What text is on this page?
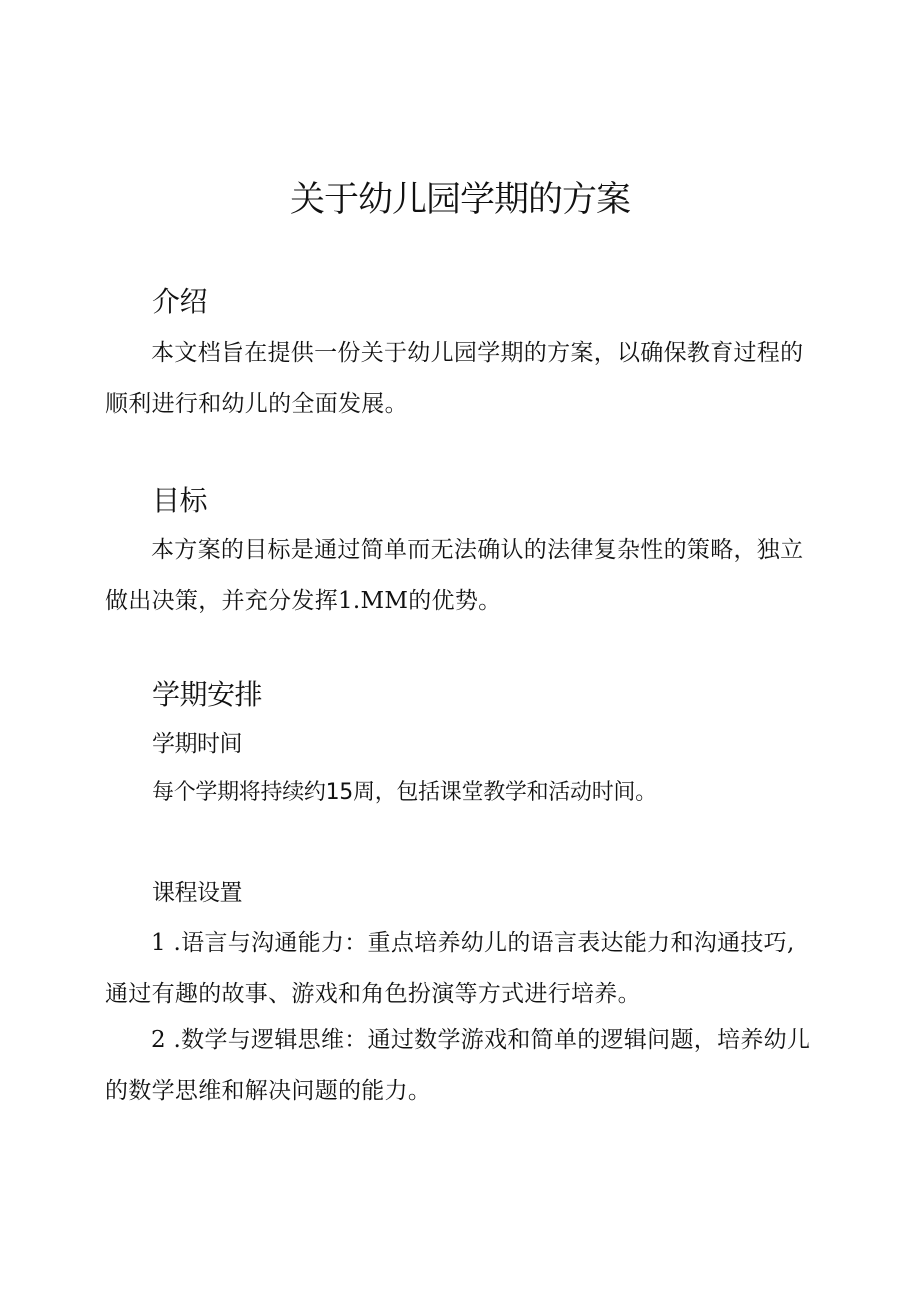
关于幼儿园学期的方案
介绍

本文档旨在提供一份关于幼儿园学期的方案，以确保教育过程的顺利进行和幼儿的全面发展。

目标

本方案的目标是通过简单而无法确认的法律复杂性的策略，独立做出决策，并充分发挥1.MM的优势。

学期安排
学期时间

每个学期将持续约15周，包括课堂教学和活动时间。

课程设置

1 .语言与沟通能力：重点培养幼儿的语言表达能力和沟通技巧,通过有趣的故事、游戏和角色扮演等方式进行培养。

2 .数学与逻辑思维：通过数学游戏和简单的逻辑问题，培养幼儿的数学思维和解决问题的能力。
